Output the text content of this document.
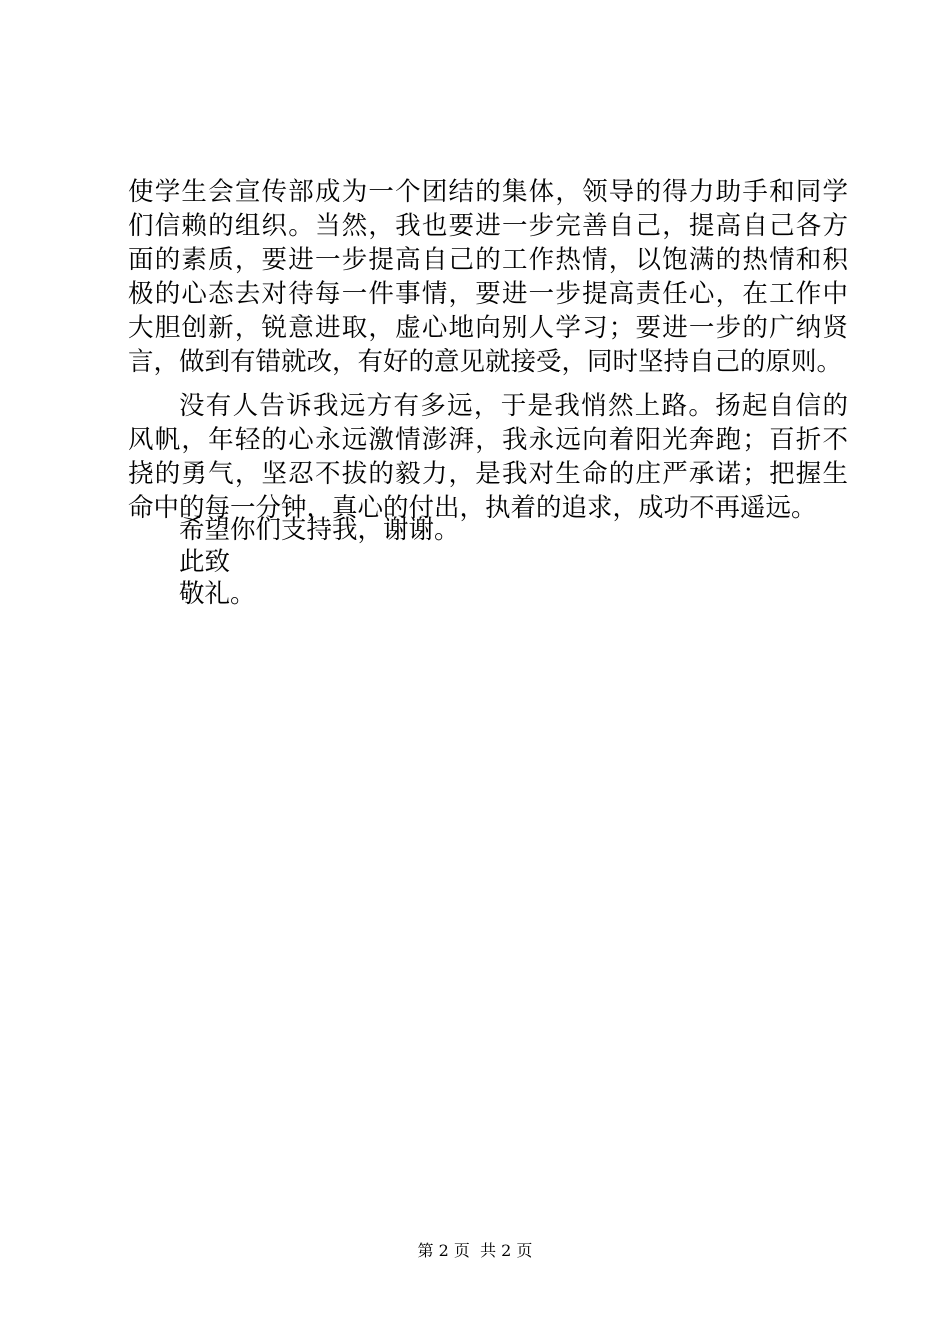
使学生会宣传部成为一个团结的集体，领导的得力助手和同学
们信赖的组织。当然，我也要进一步完善自己，提高自己各方
面的素质，要进一步提高自己的工作热情，以饱满的热情和积
极的心态去对待每一件事情，要进一步提高责任心，在工作中
大胆创新，锐意进取，虚心地向别人学习；要进一步的广纳贤
言，做到有错就改，有好的意见就接受，同时坚持自己的原则。
没有人告诉我远方有多远，于是我悄然上路。扬起自信的
风帆，年轻的心永远激情澎湃，我永远向着阳光奔跑；百折不
挠的勇气，坚忍不拔的毅力，是我对生命的庄严承诺；把握生
命中的每一分钟，真心的付出，执着的追求，成功不再遥远。
希望你们支持我，谢谢。
此致
敬礼。
第 2 页  共 2 页
